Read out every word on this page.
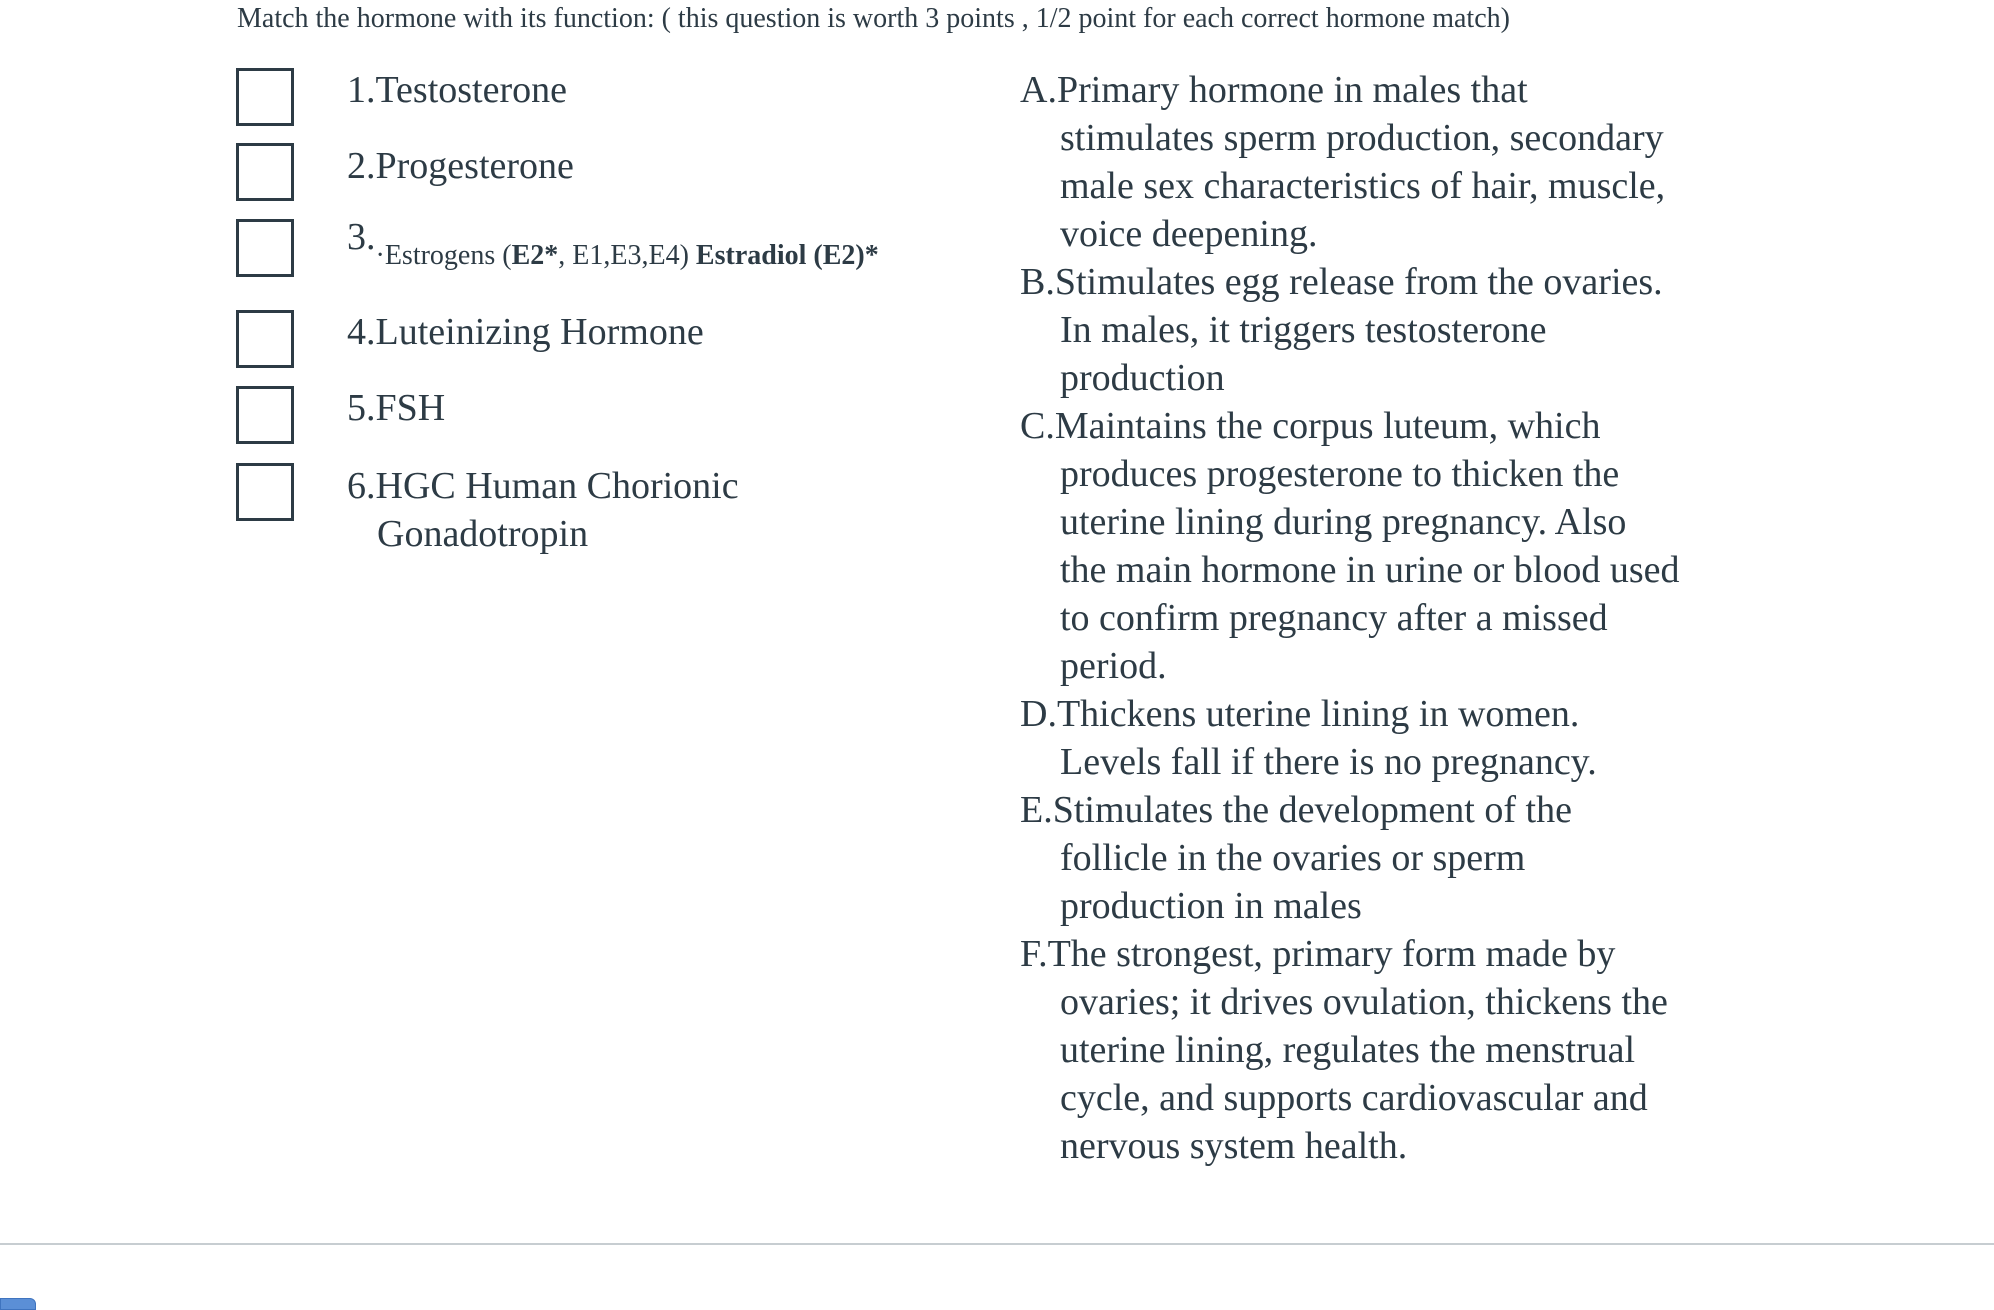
Match the hormone with its function: ( this question is worth 3 points , 1/2 point for each correct hormone match)
1.Testosterone
2.Progesterone
3.·Estrogens (E2*, E1,E3,E4) Estradiol (E2)*
4.Luteinizing Hormone
5.FSH
6.HGC Human Chorionic
Gonadotropin
A.Primary hormone in males that stimulates sperm production, secondary male sex characteristics of hair, muscle, voice deepening.
B.Stimulates egg release from the ovaries. In males, it triggers testosterone production
C.Maintains the corpus luteum, which produces progesterone to thicken the uterine lining during pregnancy. Also the main hormone in urine or blood used to confirm pregnancy after a missed period.
D.Thickens uterine lining in women. Levels fall if there is no pregnancy.
E.Stimulates the development of the follicle in the ovaries or sperm production in males
F.The strongest, primary form made by ovaries; it drives ovulation, thickens the uterine lining, regulates the menstrual cycle, and supports cardiovascular and nervous system health.
